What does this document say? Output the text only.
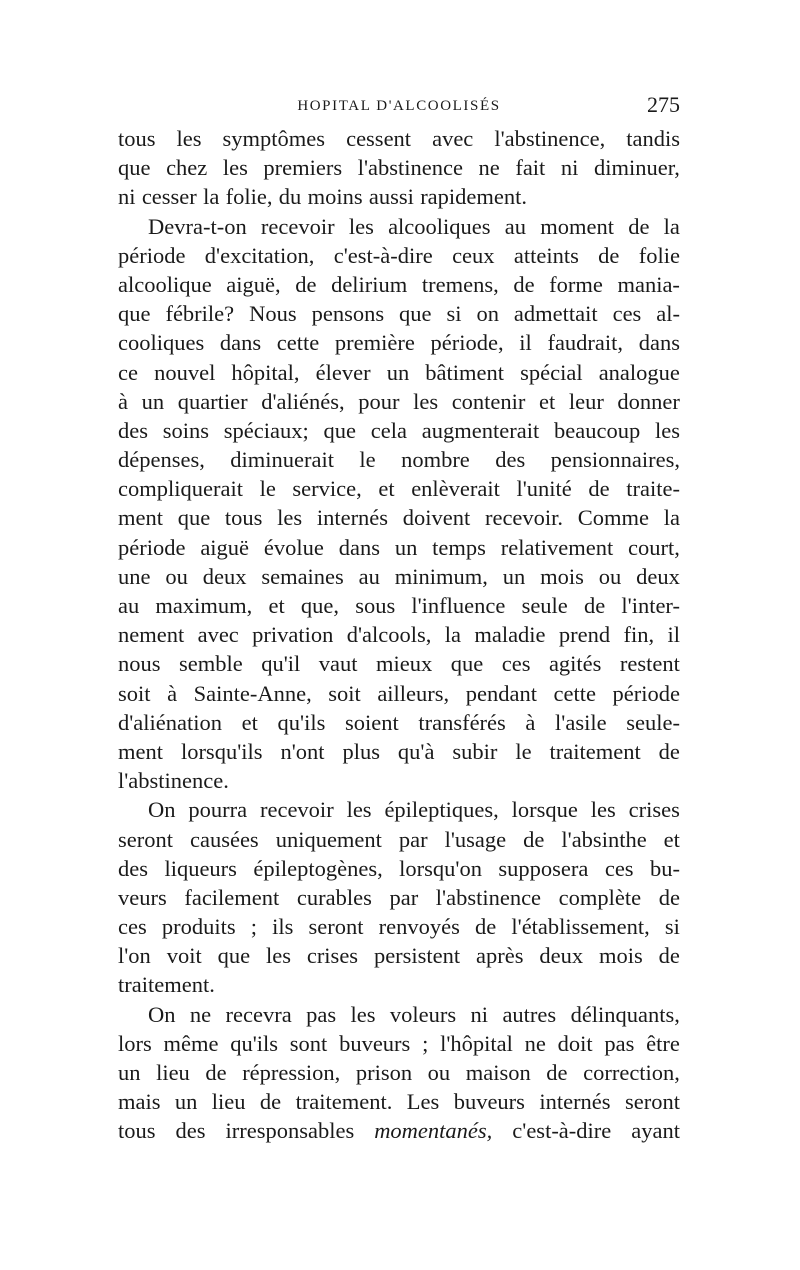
HOPITAL D'ALCOOLISÉS	275
tous les symptômes cessent avec l'abstinence, tandis
que chez les premiers l'abstinence ne fait ni diminuer,
ni cesser la folie, du moins aussi rapidement.
Devra-t-on recevoir les alcooliques au moment de la
période d'excitation, c'est-à-dire ceux atteints de folie
alcoolique aiguë, de delirium tremens, de forme mania-
que fébrile? Nous pensons que si on admettait ces al-
cooliques dans cette première période, il faudrait, dans
ce nouvel hôpital, élever un bâtiment spécial analogue
à un quartier d'aliénés, pour les contenir et leur donner
des soins spéciaux; que cela augmenterait beaucoup les
dépenses, diminuerait le nombre des pensionnaires,
compliquerait le service, et enlèverait l'unité de traite-
ment que tous les internés doivent recevoir. Comme la
période aiguë évolue dans un temps relativement court,
une ou deux semaines au minimum, un mois ou deux
au maximum, et que, sous l'influence seule de l'inter-
nement avec privation d'alcools, la maladie prend fin, il
nous semble qu'il vaut mieux que ces agités restent
soit à Sainte-Anne, soit ailleurs, pendant cette période
d'aliénation et qu'ils soient transférés à l'asile seule-
ment lorsqu'ils n'ont plus qu'à subir le traitement de
l'abstinence.
On pourra recevoir les épileptiques, lorsque les crises
seront causées uniquement par l'usage de l'absinthe et
des liqueurs épileptogènes, lorsqu'on supposera ces bu-
veurs facilement curables par l'abstinence complète de
ces produits ; ils seront renvoyés de l'établissement, si
l'on voit que les crises persistent après deux mois de
traitement.
On ne recevra pas les voleurs ni autres délinquants,
lors même qu'ils sont buveurs ; l'hôpital ne doit pas être
un lieu de répression, prison ou maison de correction,
mais un lieu de traitement. Les buveurs internés seront
tous des irresponsables momentanés, c'est-à-dire ayant
